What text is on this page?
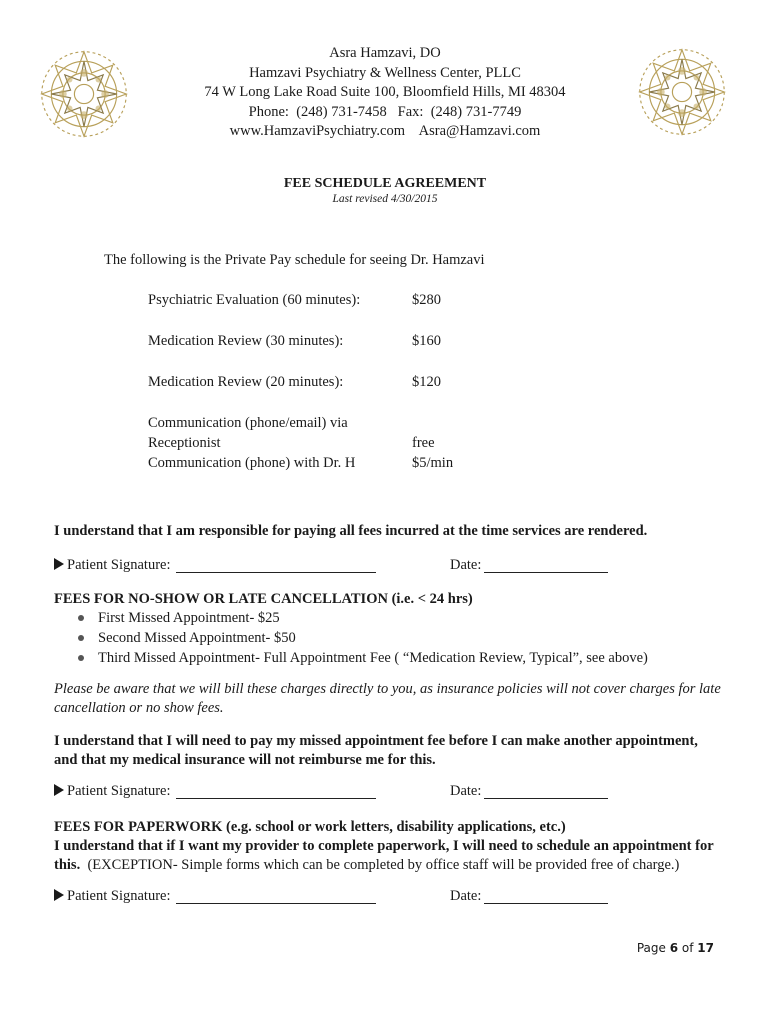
Asra Hamzavi, DO
Hamzavi Psychiatry & Wellness Center, PLLC
74 W Long Lake Road Suite 100, Bloomfield Hills, MI 48304
Phone:  (248) 731-7458   Fax:  (248) 731-7749
www.HamzaviPsychiatry.com    Asra@Hamzavi.com
FEE SCHEDULE AGREEMENT
Last revised 4/30/2015
The following is the Private Pay schedule for seeing Dr. Hamzavi
Psychiatric Evaluation (60 minutes):	$280
Medication Review (30 minutes):	$160
Medication Review (20 minutes):	$120
Communication (phone/email) via
Receptionist	free
Communication (phone) with Dr. H	$5/min
I understand that I am responsible for paying all fees incurred at the time services are rendered.
Patient Signature:	Date:
FEES FOR NO-SHOW OR LATE CANCELLATION (i.e. < 24 hrs)
First Missed Appointment- $25
Second Missed Appointment- $50
Third Missed Appointment- Full Appointment Fee ( “Medication Review, Typical”, see above)
Please be aware that we will bill these charges directly to you, as insurance policies will not cover charges for late cancellation or no show fees.
I understand that I will need to pay my missed appointment fee before I can make another appointment, and that my medical insurance will not reimburse me for this.
Patient Signature:	Date:
FEES FOR PAPERWORK (e.g. school or work letters, disability applications, etc.)
I understand that if I want my provider to complete paperwork, I will need to schedule an appointment for this.  (EXCEPTION- Simple forms which can be completed by office staff will be provided free of charge.)
Patient Signature:	Date:
Page 6 of 17
